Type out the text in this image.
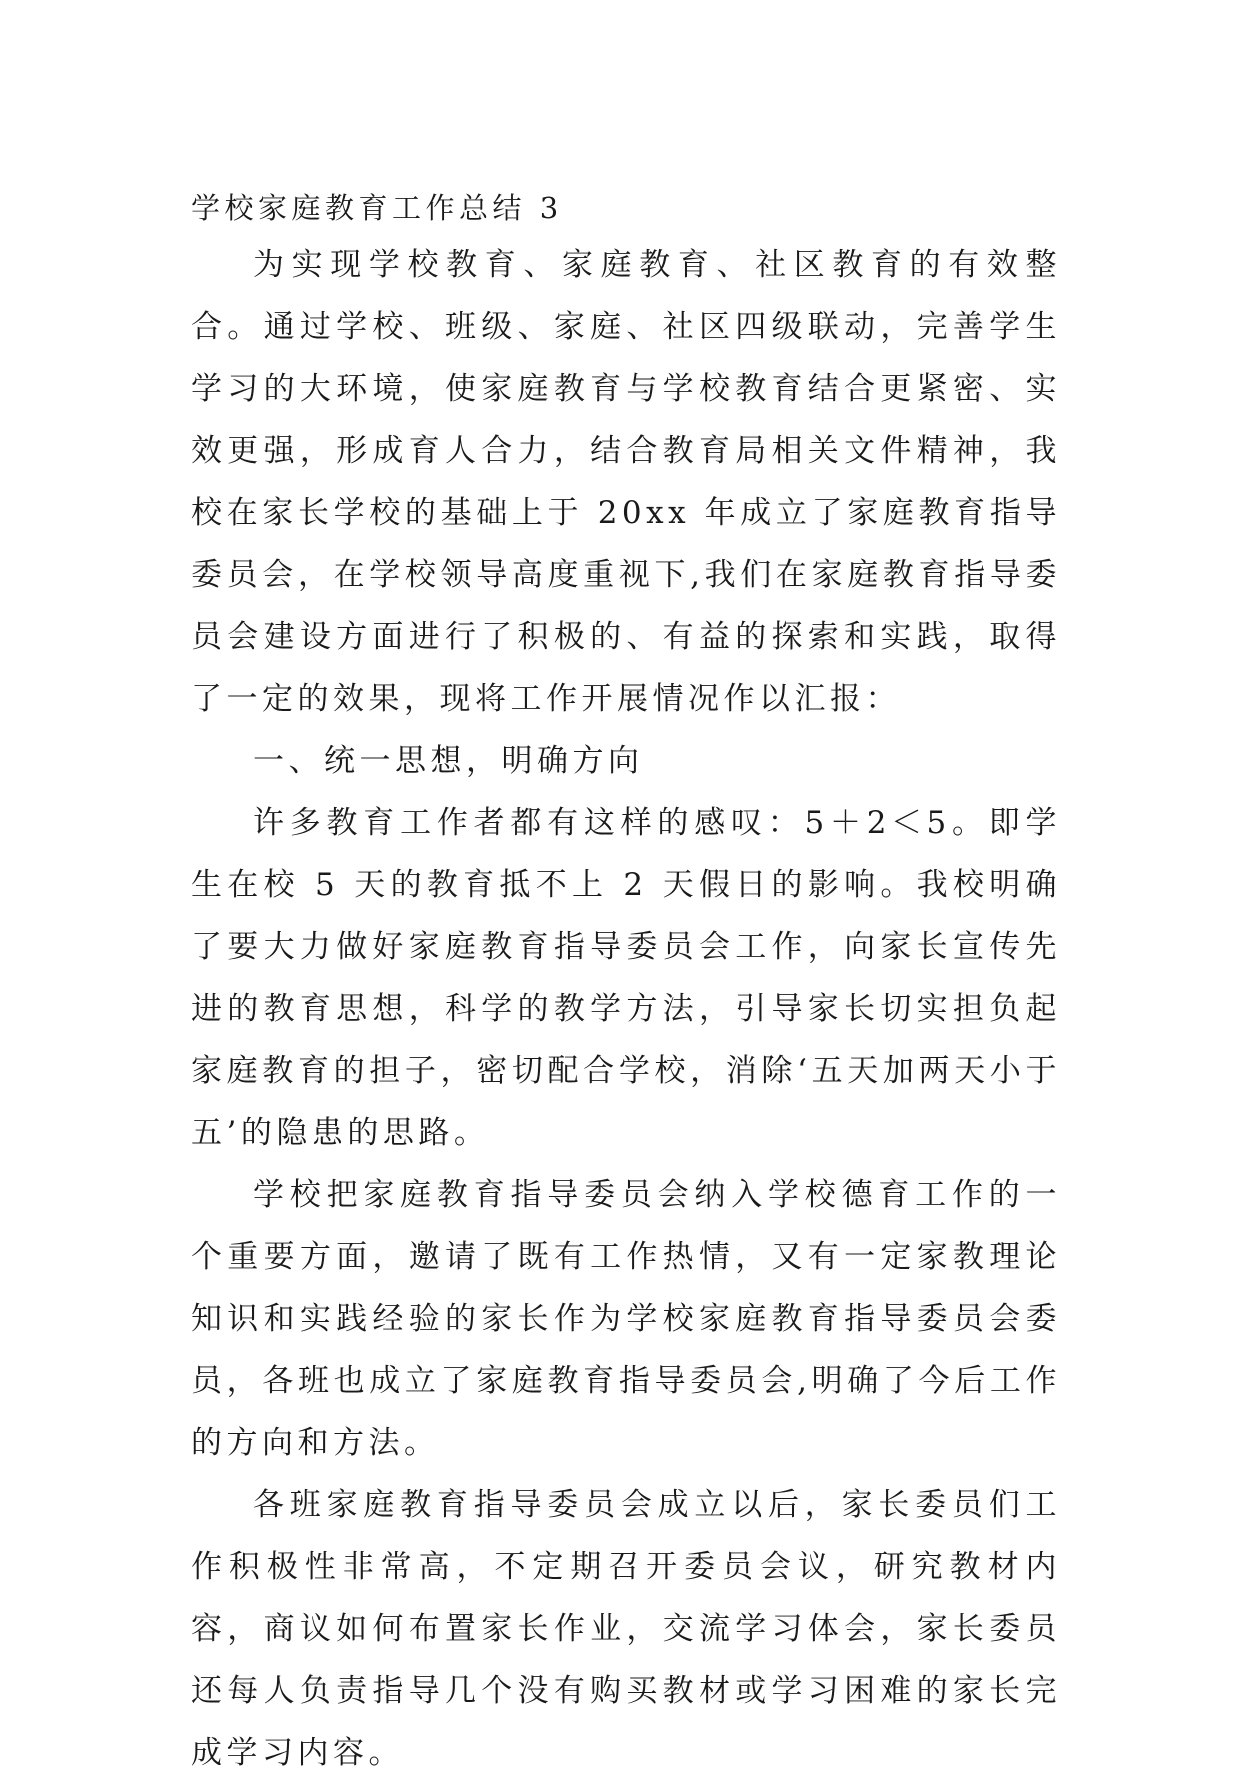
学校家庭教育工作总结 3

为实现学校教育、家庭教育、社区教育的有效整合。通过学校、班级、家庭、社区四级联动，完善学生学习的大环境，使家庭教育与学校教育结合更紧密、实效更强，形成育人合力，结合教育局相关文件精神，我校在家长学校的基础上于 20xx 年成立了家庭教育指导委员会，在学校领导高度重视下,我们在家庭教育指导委员会建设方面进行了积极的、有益的探索和实践，取得了一定的效果，现将工作开展情况作以汇报：

一、统一思想，明确方向

许多教育工作者都有这样的感叹：5＋2＜5。即学生在校 5 天的教育抵不上 2 天假日的影响。我校明确了要大力做好家庭教育指导委员会工作，向家长宣传先进的教育思想，科学的教学方法，引导家长切实担负起家庭教育的担子，密切配合学校，消除‘五天加两天小于五’的隐患的思路。

学校把家庭教育指导委员会纳入学校德育工作的一个重要方面，邀请了既有工作热情，又有一定家教理论知识和实践经验的家长作为学校家庭教育指导委员会委员，各班也成立了家庭教育指导委员会,明确了今后工作的方向和方法。

各班家庭教育指导委员会成立以后，家长委员们工作积极性非常高，不定期召开委员会议，研究教材内容，商议如何布置家长作业，交流学习体会，家长委员还每人负责指导几个没有购买教材或学习困难的家长完成学习内容。
